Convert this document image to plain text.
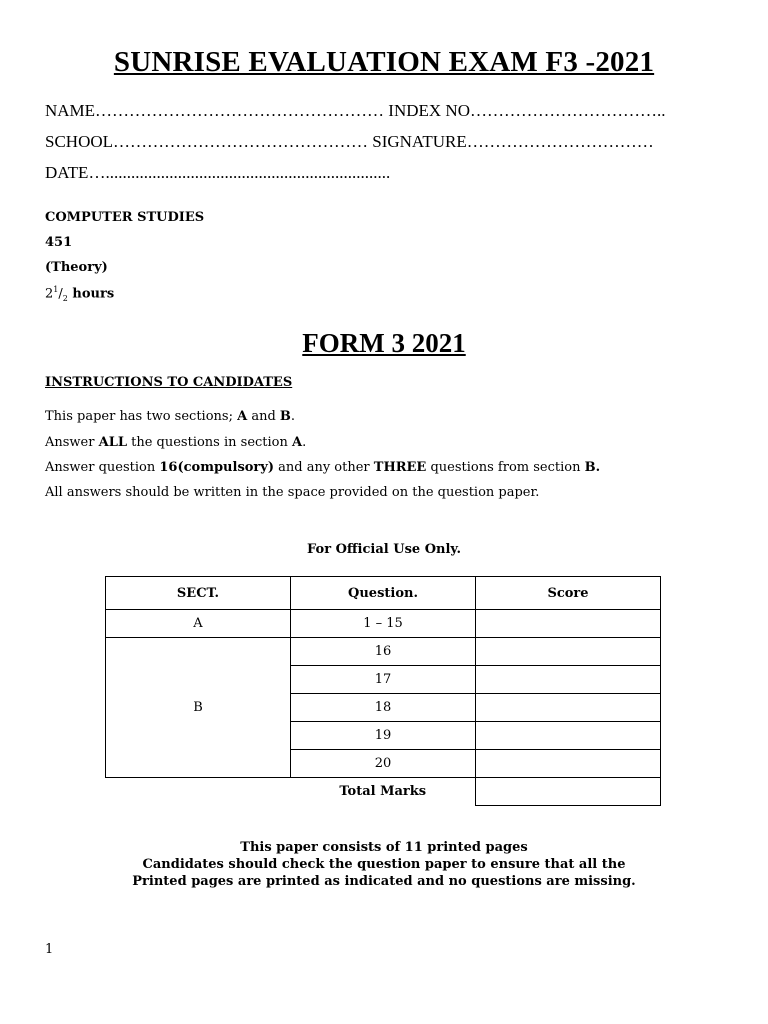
SUNRISE EVALUATION EXAM F3 -2021
NAME…………………………………………… INDEX NO……………………………..
SCHOOL……………………………………… SIGNATURE……………………………
DATE…...................................................................
COMPUTER STUDIES
451
(Theory)
$2^1/_2$ hours
FORM 3 2021
INSTRUCTIONS TO CANDIDATES
This paper has two sections; A and B.
Answer ALL the questions in section A.
Answer question 16(compulsory) and any other THREE questions from section B.
All answers should be written in the space provided on the question paper.
For Official Use Only.
SECT.	Question.	Score
A	1 – 15	
B	16	
	17	
	18	
	19	
	20	
	Total Marks	
This paper consists of 11 printed pages
Candidates should check the question paper to ensure that all the
Printed pages are printed as indicated and no questions are missing.
1
